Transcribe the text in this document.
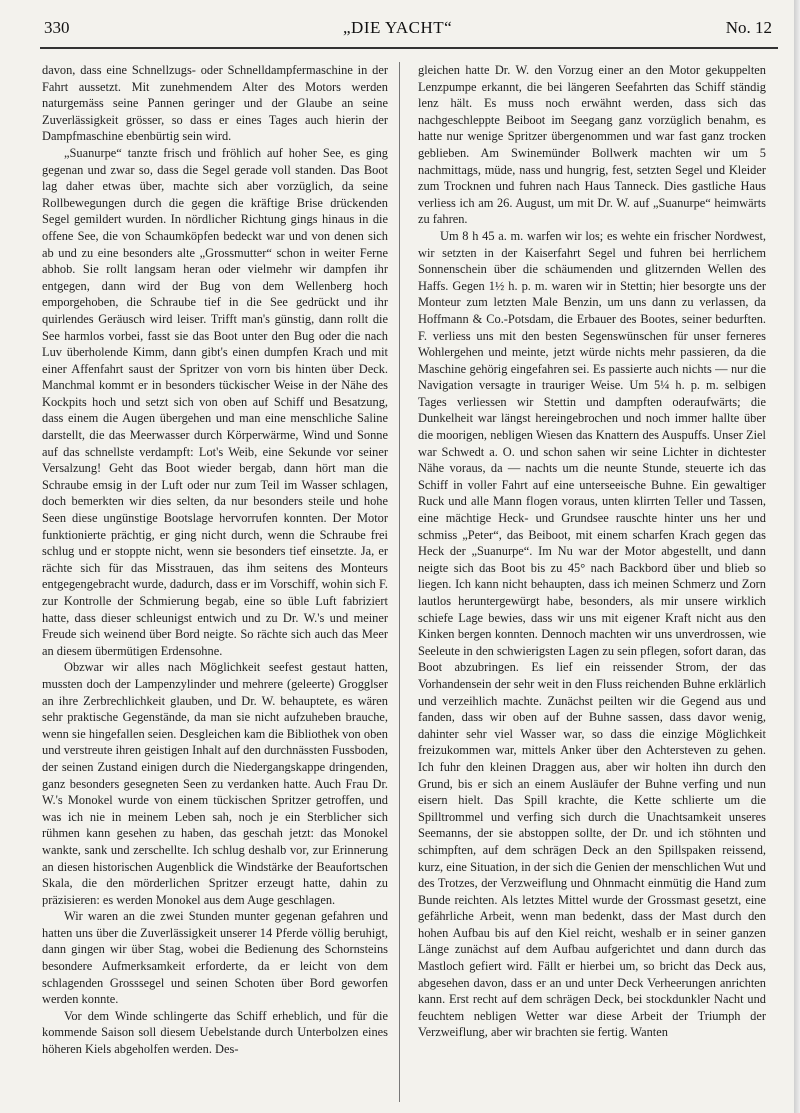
330	„DIE YACHT“	No. 12

davon, dass eine Schnellzugs- oder Schnelldampfermaschine in der Fahrt aussetzt. Mit zunehmendem Alter des Motors werden naturgemäss seine Pannen geringer und der Glaube an seine Zuverlässigkeit grösser, so dass er eines Tages auch hierin der Dampfmaschine ebenbürtig sein wird.

„Suanurpe“ tanzte frisch und fröhlich auf hoher See, es ging gegenan und zwar so, dass die Segel gerade voll standen. Das Boot lag daher etwas über, machte sich aber vorzüglich, da seine Rollbewegungen durch die gegen die kräftige Brise drückenden Segel gemildert wurden. In nördlicher Richtung gings hinaus in die offene See, die von Schaumköpfen bedeckt war und von denen sich ab und zu eine besonders alte „Grossmutter“ schon in weiter Ferne abhob. Sie rollt langsam heran oder vielmehr wir dampfen ihr entgegen, dann wird der Bug von dem Wellenberg hoch emporgehoben, die Schraube tief in die See gedrückt und ihr quirlendes Geräusch wird leiser. Trifft man's günstig, dann rollt die See harmlos vorbei, fasst sie das Boot unter den Bug oder die nach Luv überholende Kimm, dann gibt's einen dumpfen Krach und mit einer Affenfahrt saust der Spritzer von vorn bis hinten über Deck. Manchmal kommt er in besonders tückischer Weise in der Nähe des Kockpits hoch und setzt sich von oben auf Schiff und Besatzung, dass einem die Augen übergehen und man eine menschliche Saline darstellt, die das Meerwasser durch Körperwärme, Wind und Sonne auf das schnellste verdampft: Lot's Weib, eine Sekunde vor seiner Versalzung! Geht das Boot wieder bergab, dann hört man die Schraube emsig in der Luft oder nur zum Teil im Wasser schlagen, doch bemerkten wir dies selten, da nur besonders steile und hohe Seen diese ungünstige Bootslage hervorrufen konnten. Der Motor funktionierte prächtig, er ging nicht durch, wenn die Schraube frei schlug und er stoppte nicht, wenn sie besonders tief einsetzte. Ja, er rächte sich für das Misstrauen, das ihm seitens des Monteurs entgegengebracht wurde, dadurch, dass er im Vorschiff, wohin sich F. zur Kontrolle der Schmierung begab, eine so üble Luft fabriziert hatte, dass dieser schleunigst entwich und zu Dr. W.'s und meiner Freude sich weinend über Bord neigte. So rächte sich auch das Meer an diesem übermütigen Erdensohne.

Obzwar wir alles nach Möglichkeit seefest gestaut hatten, mussten doch der Lampenzylinder und mehrere (geleerte) Grogglser an ihre Zerbrechlichkeit glauben, und Dr. W. behauptete, es wären sehr praktische Gegenstände, da man sie nicht aufzuheben brauche, wenn sie hingefallen seien. Desgleichen kam die Bibliothek von oben und verstreute ihren geistigen Inhalt auf den durchnässten Fussboden, der seinen Zustand einigen durch die Niedergangskappe dringenden, ganz besonders gesegneten Seen zu verdanken hatte. Auch Frau Dr. W.'s Monokel wurde von einem tückischen Spritzer getroffen, und was ich nie in meinem Leben sah, noch je ein Sterblicher sich rühmen kann gesehen zu haben, das geschah jetzt: das Monokel wankte, sank und zerschellte. Ich schlug deshalb vor, zur Erinnerung an diesen historischen Augenblick die Windstärke der Beaufortschen Skala, die den mörderlichen Spritzer erzeugt hatte, dahin zu präzisieren: es werden Monokel aus dem Auge geschlagen.

Wir waren an die zwei Stunden munter gegenan gefahren und hatten uns über die Zuverlässigkeit unserer 14 Pferde völlig beruhigt, dann gingen wir über Stag, wobei die Bedienung des Schornsteins besondere Aufmerksamkeit erforderte, da er leicht von dem schlagenden Grosssegel und seinen Schoten über Bord geworfen werden konnte.

Vor dem Winde schlingerte das Schiff erheblich, und für die kommende Saison soll diesem Uebelstande durch Unterbolzen eines höheren Kiels abgeholfen werden. Des-

gleichen hatte Dr. W. den Vorzug einer an den Motor gekuppelten Lenzpumpe erkannt, die bei längeren Seefahrten das Schiff ständig lenz hält. Es muss noch erwähnt werden, dass sich das nachgeschleppte Beiboot im Seegang ganz vorzüglich benahm, es hatte nur wenige Spritzer übergenommen und war fast ganz trocken geblieben. Am Swinemünder Bollwerk machten wir um 5 nachmittags, müde, nass und hungrig, fest, setzten Segel und Kleider zum Trocknen und fuhren nach Haus Tanneck. Dies gastliche Haus verliess ich am 26. August, um mit Dr. W. auf „Suanurpe“ heimwärts zu fahren.

Um 8 h 45 a. m. warfen wir los; es wehte ein frischer Nordwest, wir setzten in der Kaiserfahrt Segel und fuhren bei herrlichem Sonnenschein über die schäumenden und glitzernden Wellen des Haffs. Gegen 1½ h. p. m. waren wir in Stettin; hier besorgte uns der Monteur zum letzten Male Benzin, um uns dann zu verlassen, da Hoffmann & Co.-Potsdam, die Erbauer des Bootes, seiner bedurften. F. verliess uns mit den besten Segenswünschen für unser ferneres Wohlergehen und meinte, jetzt würde nichts mehr passieren, da die Maschine gehörig eingefahren sei. Es passierte auch nichts — nur die Navigation versagte in trauriger Weise. Um 5¼ h. p. m. selbigen Tages verliessen wir Stettin und dampften oderaufwärts; die Dunkelheit war längst hereingebrochen und noch immer hallte über die moorigen, nebligen Wiesen das Knattern des Auspuffs. Unser Ziel war Schwedt a. O. und schon sahen wir seine Lichter in dichtester Nähe voraus, da — nachts um die neunte Stunde, steuerte ich das Schiff in voller Fahrt auf eine unterseeische Buhne. Ein gewaltiger Ruck und alle Mann flogen voraus, unten klirrten Teller und Tassen, eine mächtige Heck- und Grundsee rauschte hinter uns her und schmiss „Peter“, das Beiboot, mit einem scharfen Krach gegen das Heck der „Suanurpe“. Im Nu war der Motor abgestellt, und dann neigte sich das Boot bis zu 45° nach Backbord über und blieb so liegen. Ich kann nicht behaupten, dass ich meinen Schmerz und Zorn lautlos heruntergewürgt habe, besonders, als mir unsere wirklich schiefe Lage bewies, dass wir uns mit eigener Kraft nicht aus den Kinken bergen konnten. Dennoch machten wir uns unverdrossen, wie Seeleute in den schwierigsten Lagen zu sein pflegen, sofort daran, das Boot abzubringen. Es lief ein reissender Strom, der das Vorhandensein der sehr weit in den Fluss reichenden Buhne erklärlich und verzeihlich machte. Zunächst peilten wir die Gegend aus und fanden, dass wir oben auf der Buhne sassen, dass davor wenig, dahinter sehr viel Wasser war, so dass die einzige Möglichkeit freizukommen war, mittels Anker über den Achtersteven zu gehen. Ich fuhr den kleinen Draggen aus, aber wir holten ihn durch den Grund, bis er sich an einem Ausläufer der Buhne verfing und nun eisern hielt. Das Spill krachte, die Kette schlierte um die Spilltrommel und verfing sich durch die Unachtsamkeit unseres Seemanns, der sie abstoppen sollte, der Dr. und ich stöhnten und schimpften, auf dem schrägen Deck an den Spillspaken reissend, kurz, eine Situation, in der sich die Genien der menschlichen Wut und des Trotzes, der Verzweiflung und Ohnmacht einmütig die Hand zum Bunde reichten. Als letztes Mittel wurde der Grossmast gesetzt, eine gefährliche Arbeit, wenn man bedenkt, dass der Mast durch den hohen Aufbau bis auf den Kiel reicht, weshalb er in seiner ganzen Länge zunächst auf dem Aufbau aufgerichtet und dann durch das Mastloch gefiert wird. Fällt er hierbei um, so bricht das Deck aus, abgesehen davon, dass er an und unter Deck Verheerungen anrichten kann. Erst recht auf dem schrägen Deck, bei stockdunkler Nacht und feuchtem nebligen Wetter war diese Arbeit der Triumph der Verzweiflung, aber wir brachten sie fertig. Wanten
